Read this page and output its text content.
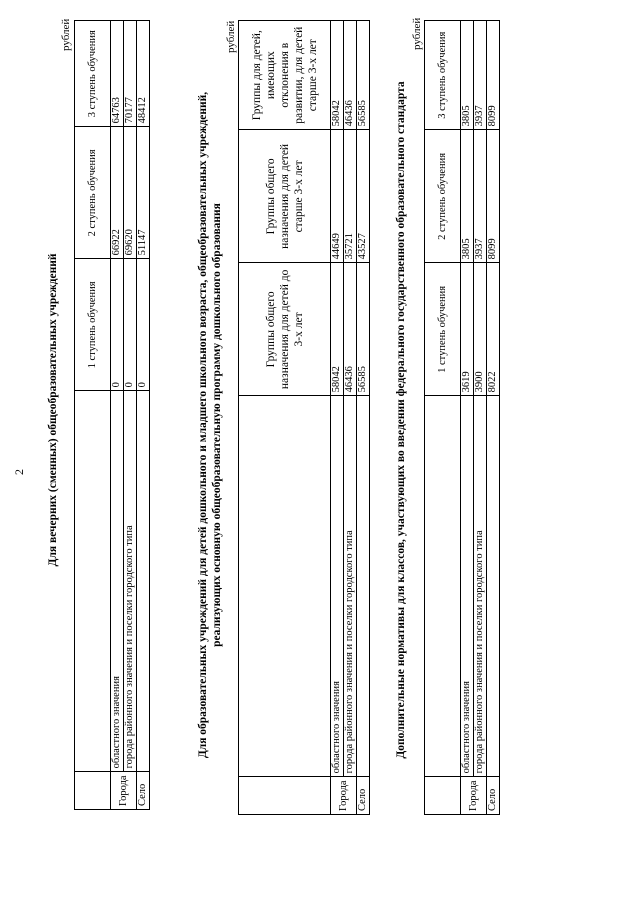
2 Для вечерних (сменных) общеобразовательных учреждений
рублей
		1 ступень обучения	2 ступень обучения	3 ступень обучения
Города	областного значения	0	66922	64763
	города районного значения и поселки городского типа	0	69620	70177
Село		0	51147	48412	Для образовательных учреждений для детей дошкольного и младшего школьного возраста, общеобразовательных учреждений, реализующих основную общеобразовательную программу дошкольного образования
рублей
		Группы общего назначения для детей до 3-х лет	Группы общего назначения для детей старше 3-х лет	Группы для детей, имеющих отклонения в развитии, для детей старше 3-х лет
Города	областного значения	58042	44649	58042
	города районного значения и поселки городского типа	46436	35721	46436
Село		56585	43527	56585 Дополнительные нормативы для классов, участвующих во введении федерального государственного образовательного стандарта
рублей
		1 ступень обучения	2 ступень обучения	3 ступень обучения
Города	областного значения	3619	3805	3805
	города районного значения и поселки городского типа	3900	3937	3937
Село		8022	8099	8099
